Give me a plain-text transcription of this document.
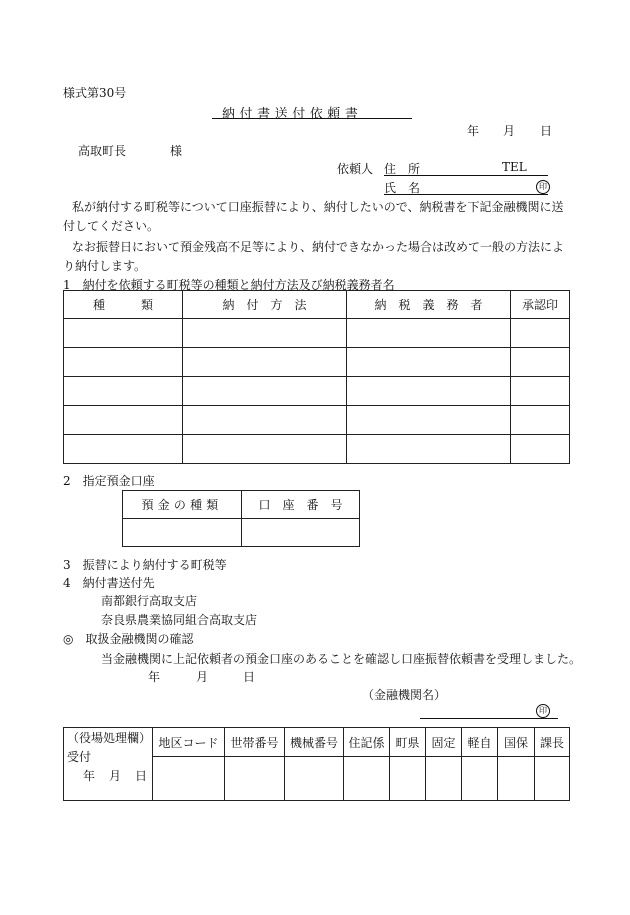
様式第30号
納付書送付依頼書
年 月 日
高取町長	様
依頼人 住　所	TEL
氏　名	印
私が納付する町税等について口座振替により、納付したいので、納税書を下記金融機関に送
付してください。
なお振替日において預金残高不足等により、納付できなかった場合は改めて一般の方法によ
り納付します。
1　納付を依頼する町税等の種類と納付方法及び納税義務者名
種　　　類	納　付　方　法	納　税　義　務　者	承認印

2　指定預金口座
預金の種類	口　座　番　号

3　振替により納付する町税等
4　納付書送付先
南都銀行高取支店
奈良県農業協同組合高取支店
◎　取扱金融機関の確認
当金融機関に上記依頼者の預金口座のあることを確認し口座振替依頼書を受理しました。
年	月	日
（金融機関名）
印
（役場処理欄）
受付
年 月 日	地区コード	世帯番号	機械番号	住記係	町県	固定	軽自	国保	課長
